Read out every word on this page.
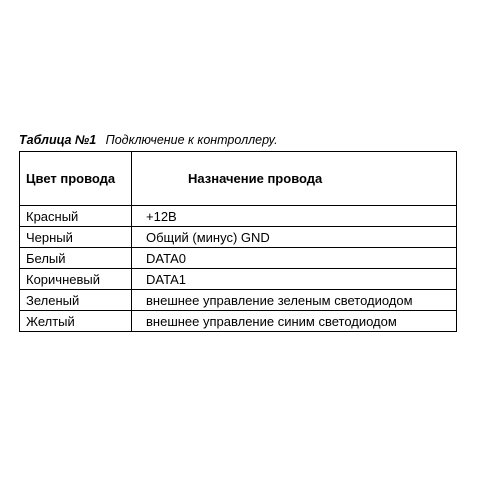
Таблица №1 Подключение к контроллеру.
Цвет провода	Назначение провода
Красный	+12В
Черный	Общий (минус) GND
Белый	DATA0
Коричневый	DATA1
Зеленый	внешнее управление зеленым светодиодом
Желтый	внешнее управление синим светодиодом
